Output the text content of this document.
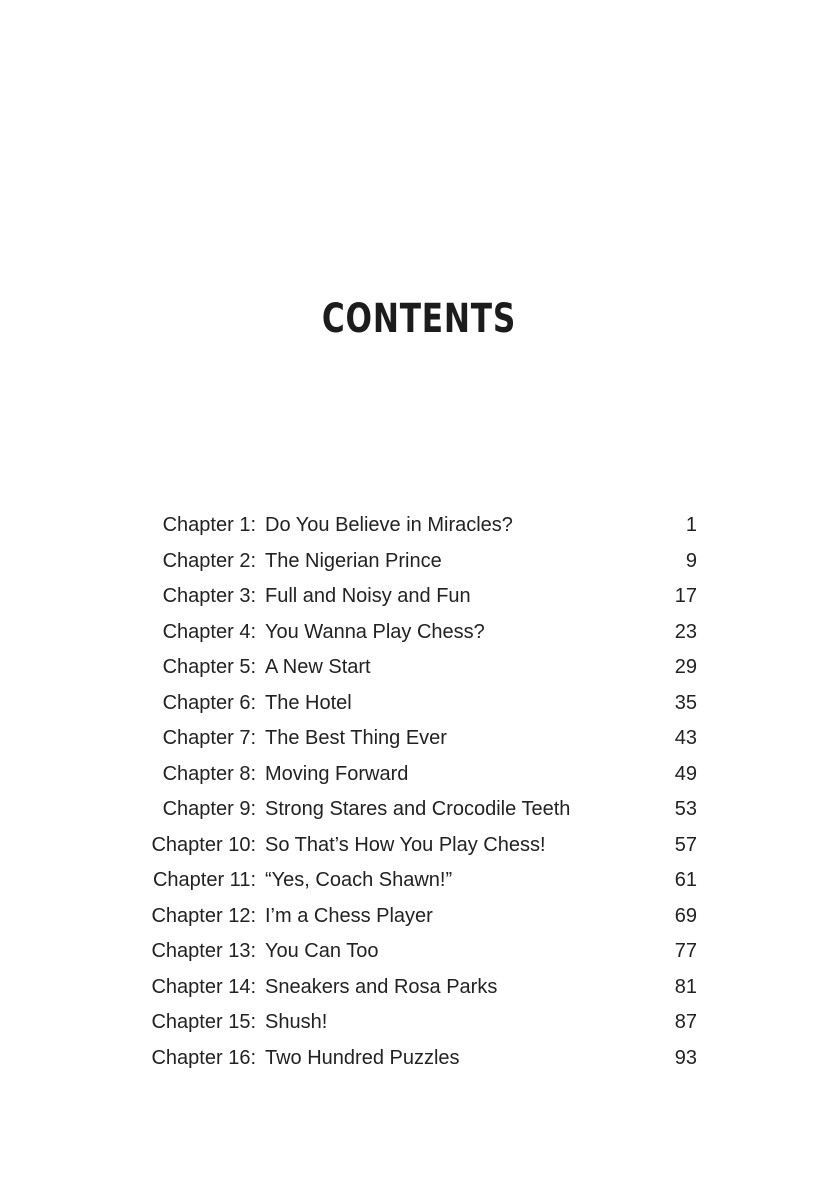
CONTENTS
Chapter 1: Do You Believe in Miracles?	1
Chapter 2: The Nigerian Prince	9
Chapter 3: Full and Noisy and Fun	17
Chapter 4: You Wanna Play Chess?	23
Chapter 5: A New Start	29
Chapter 6: The Hotel	35
Chapter 7: The Best Thing Ever	43
Chapter 8: Moving Forward	49
Chapter 9: Strong Stares and Crocodile Teeth	53
Chapter 10: So That’s How You Play Chess!	57
Chapter 11: “Yes, Coach Shawn!”	61
Chapter 12: I’m a Chess Player	69
Chapter 13: You Can Too	77
Chapter 14: Sneakers and Rosa Parks	81
Chapter 15: Shush!	87
Chapter 16: Two Hundred Puzzles	93
